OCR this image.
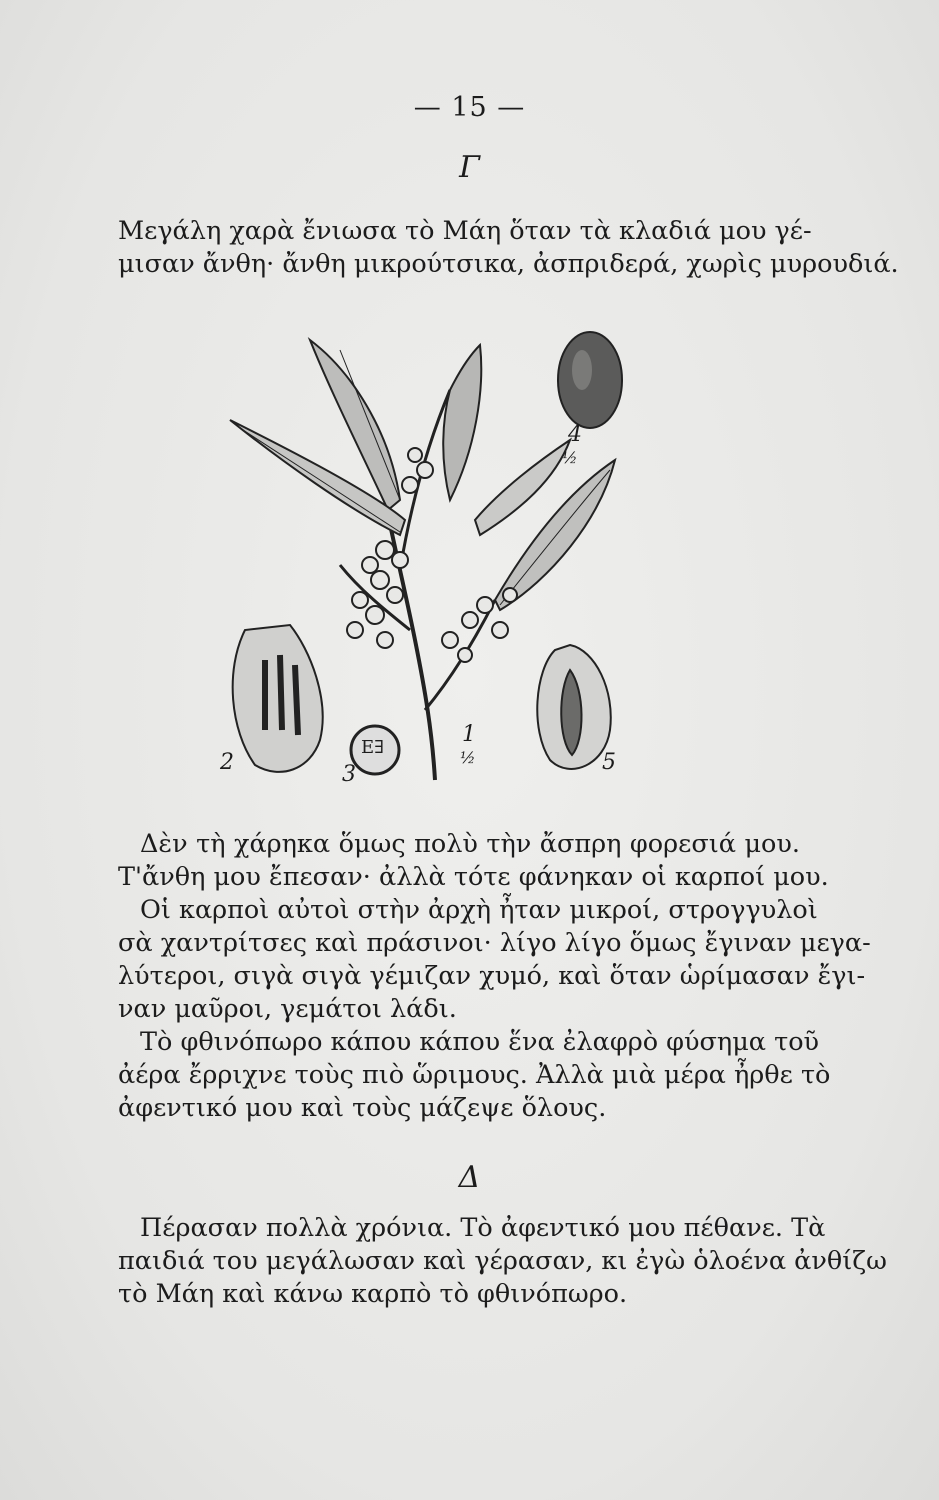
— 15 —
Γ
Μεγάλη χαρὰ ἔνιωσα τὸ Μάη ὅταν τὰ κλαδιά μου γέ-
μισαν ἄνθη· ἄνθη μικρούτσικα, ἀσπριδερά, χωρὶς μυρουδιά.
4
½
2	3
1
½	5
Ε∃
Δὲν τὴ χάρηκα ὅμως πολὺ τὴν ἄσπρη φορεσιά μου.
Τ'ἄνθη μου ἔπεσαν· ἀλλὰ τότε φάνηκαν οἱ καρποί μου.
Οἱ καρποὶ αὐτοὶ στὴν ἀρχὴ ἦταν μικροί, στρογγυλοὶ
σὰ χαντρίτσες καὶ πράσινοι· λίγο λίγο ὅμως ἔγιναν μεγα-
λύτεροι, σιγὰ σιγὰ γέμιζαν χυμό, καὶ ὅταν ὡρίμασαν ἔγι-
ναν μαῦροι, γεμάτοι λάδι.
Τὸ φθινόπωρο κάπου κάπου ἕνα ἐλαφρὸ φύσημα τοῦ
ἀέρα ἔρριχνε τοὺς πιὸ ὥριμους. Ἀλλὰ μιὰ μέρα ἦρθε τὸ
ἀφεντικό μου καὶ τοὺς μάζεψε ὅλους.
Δ
Πέρασαν πολλὰ χρόνια. Τὸ ἀφεντικό μου πέθανε. Τὰ
παιδιά του μεγάλωσαν καὶ γέρασαν, κι ἐγὼ ὁλοένα ἀνθίζω
τὸ Μάη καὶ κάνω καρπὸ τὸ φθινόπωρο.
